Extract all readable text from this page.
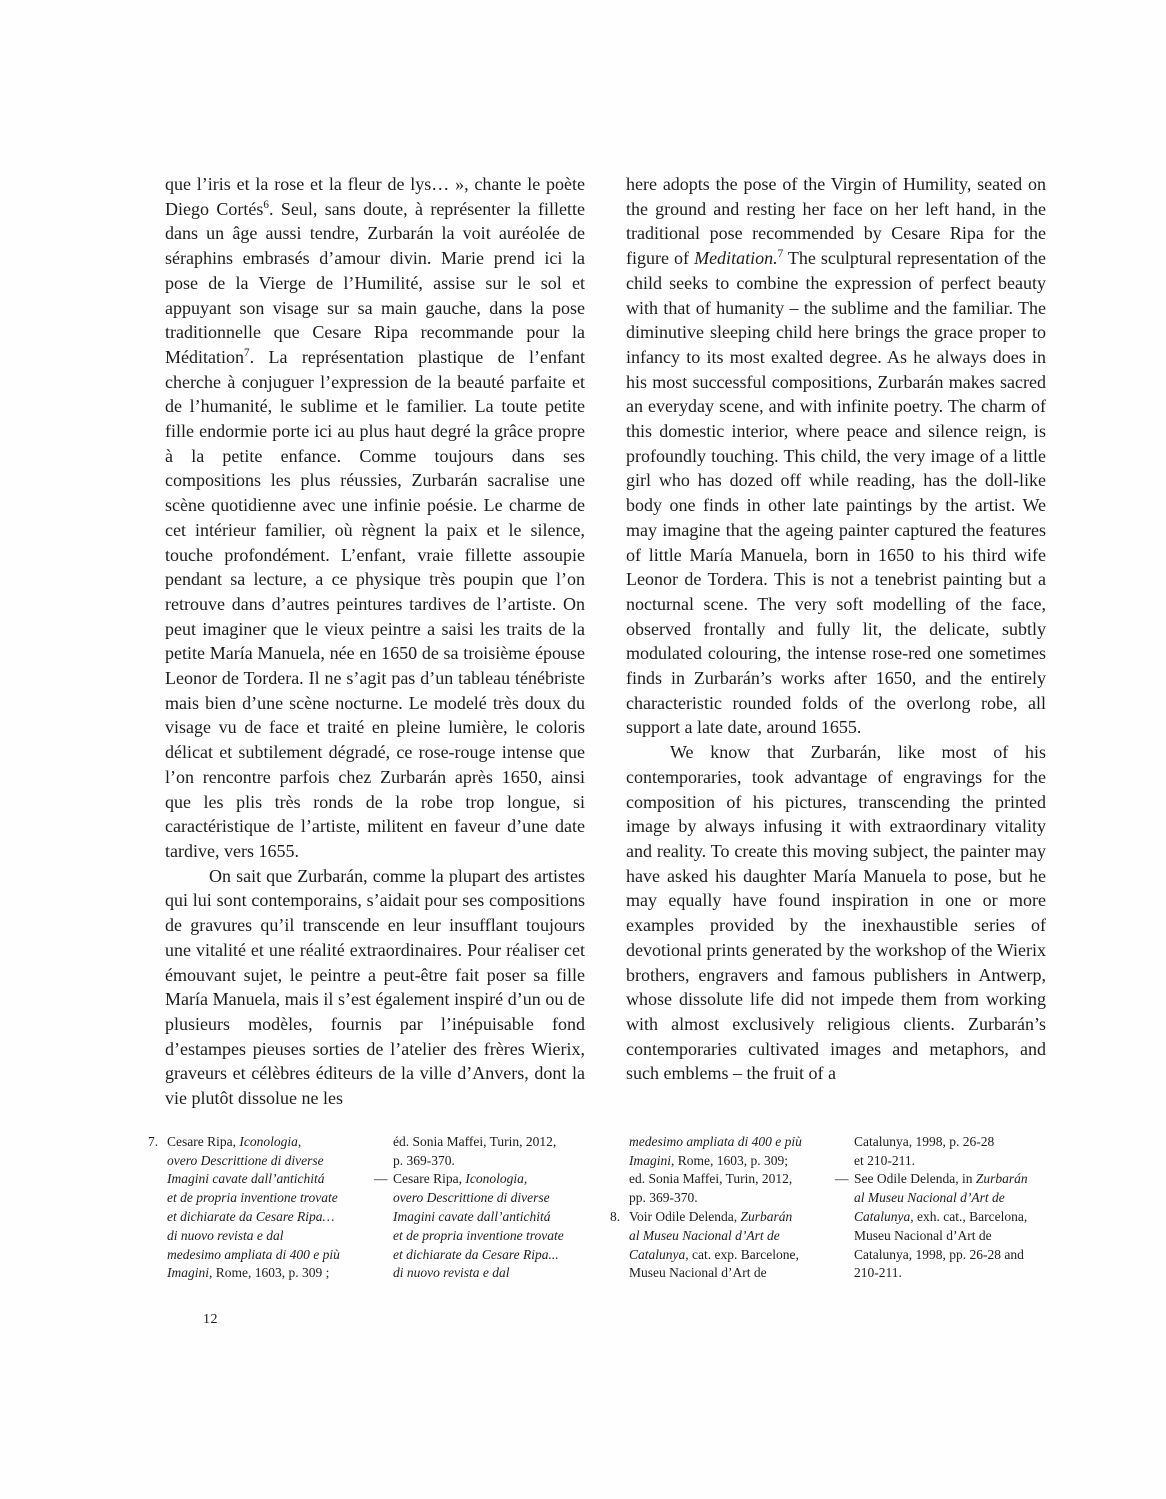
que l’iris et la rose et la fleur de lys… », chante le poète Diego Cortés$^6$. Seul, sans doute, à représenter la fillette dans un âge aussi tendre, Zurbarán la voit auréolée de séraphins embrasés d’amour divin. Marie prend ici la pose de la Vierge de l’Humilité, assise sur le sol et appuyant son visage sur sa main gauche, dans la pose traditionnelle que Cesare Ripa recommande pour la Méditation$^7$. La représentation plastique de l’enfant cherche à conjuguer l’expression de la beauté parfaite et de l’humanité, le sublime et le familier. La toute petite fille endormie porte ici au plus haut degré la grâce propre à la petite enfance. Comme toujours dans ses compositions les plus réussies, Zurbarán sacralise une scène quotidienne avec une infinie poésie. Le charme de cet intérieur familier, où règnent la paix et le silence, touche profondément. L’enfant, vraie fillette assoupie pendant sa lecture, a ce physique très poupin que l’on retrouve dans d’autres peintures tardives de l’artiste. On peut imaginer que le vieux peintre a saisi les traits de la petite María Manuela, née en 1650 de sa troisième épouse Leonor de Tordera. Il ne s’agit pas d’un tableau ténébriste mais bien d’une scène nocturne. Le modelé très doux du visage vu de face et traité en pleine lumière, le coloris délicat et subtilement dégradé, ce rose-rouge intense que l’on rencontre parfois chez Zurbarán après 1650, ainsi que les plis très ronds de la robe trop longue, si caractéristique de l’artiste, militent en faveur d’une date tardive, vers 1655.
On sait que Zurbarán, comme la plupart des artistes qui lui sont contemporains, s’aidait pour ses compositions de gravures qu’il transcende en leur insufflant toujours une vitalité et une réalité extraordinaires. Pour réaliser cet émouvant sujet, le peintre a peut-être fait poser sa fille María Manuela, mais il s’est également inspiré d’un ou de plusieurs modèles, fournis par l’inépuisable fond d’estampes pieuses sorties de l’atelier des frères Wierix, graveurs et célèbres éditeurs de la ville d’Anvers, dont la vie plutôt dissolue ne les
here adopts the pose of the Virgin of Humility, seated on the ground and resting her face on her left hand, in the traditional pose recommended by Cesare Ripa for the figure of Meditation.$^7$ The sculptural representation of the child seeks to combine the expression of perfect beauty with that of humanity – the sublime and the familiar. The diminutive sleeping child here brings the grace proper to infancy to its most exalted degree. As he always does in his most successful compositions, Zurbarán makes sacred an everyday scene, and with infinite poetry. The charm of this domestic interior, where peace and silence reign, is profoundly touching. This child, the very image of a little girl who has dozed off while reading, has the doll-like body one finds in other late paintings by the artist. We may imagine that the ageing painter captured the features of little María Manuela, born in 1650 to his third wife Leonor de Tordera. This is not a tenebrist painting but a nocturnal scene. The very soft modelling of the face, observed frontally and fully lit, the delicate, subtly modulated colouring, the intense rose-red one sometimes finds in Zurbarán’s works after 1650, and the entirely characteristic rounded folds of the overlong robe, all support a late date, around 1655.
We know that Zurbarán, like most of his contemporaries, took advantage of engravings for the composition of his pictures, transcending the printed image by always infusing it with extraordinary vitality and reality. To create this moving subject, the painter may have asked his daughter María Manuela to pose, but he may equally have found inspiration in one or more examples provided by the inexhaustible series of devotional prints generated by the workshop of the Wierix brothers, engravers and famous publishers in Antwerp, whose dissolute life did not impede them from working with almost exclusively religious clients. Zurbarán’s contemporaries cultivated images and metaphors, and such emblems – the fruit of a
7. Cesare Ripa, Iconologia,
overo Descrittione di diverse
Imagini cavate dall’antichitá
et de propria inventione trovate
et dichiarate da Cesare Ripa…
di nuovo revista e dal
medesimo ampliata di 400 e più
Imagini, Rome, 1603, p. 309 ;
éd. Sonia Maffei, Turin, 2012,
p. 369-370.
— Cesare Ripa, Iconologia,
overo Descrittione di diverse
Imagini cavate dall’antichitá
et de propria inventione trovate
et dichiarate da Cesare Ripa...
di nuovo revista e dal
medesimo ampliata di 400 e più
Imagini, Rome, 1603, p. 309;
ed. Sonia Maffei, Turin, 2012,
pp. 369-370.
8. Voir Odile Delenda, Zurbarán
al Museu Nacional d’Art de
Catalunya, cat. exp. Barcelone,
Museu Nacional d’Art de
Catalunya, 1998, p. 26-28
et 210-211.
— See Odile Delenda, in Zurbarán
al Museu Nacional d’Art de
Catalunya, exh. cat., Barcelona,
Museu Nacional d’Art de
Catalunya, 1998, pp. 26-28 and
210-211.
12
